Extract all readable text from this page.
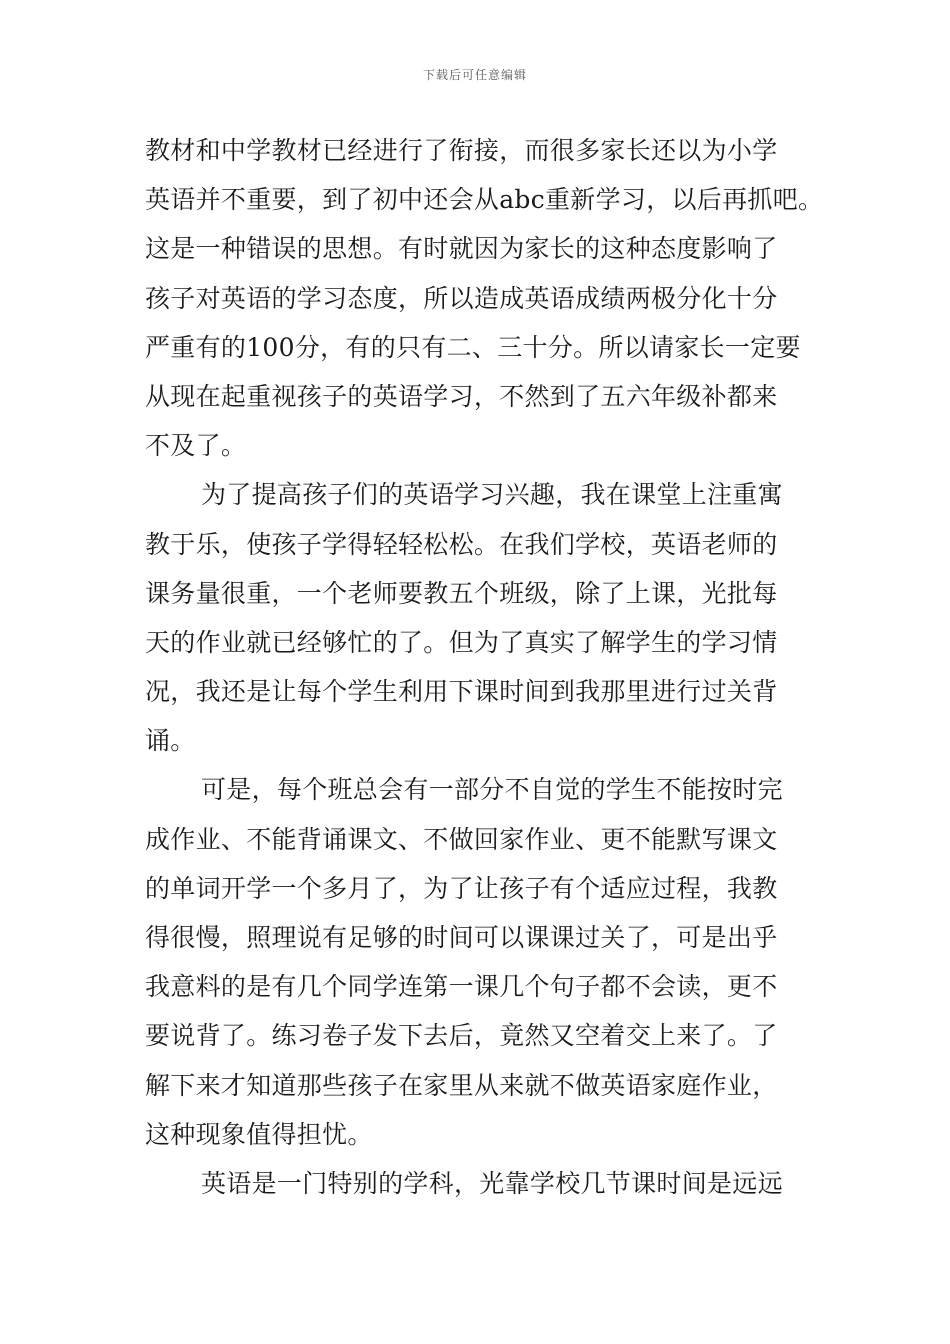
下载后可任意编辑
教材和中学教材已经进行了衔接，而很多家长还以为小学
英语并不重要，到了初中还会从abc重新学习，以后再抓吧。
这是一种错误的思想。有时就因为家长的这种态度影响了
孩子对英语的学习态度，所以造成英语成绩两极分化十分
严重有的100分，有的只有二、三十分。所以请家长一定要
从现在起重视孩子的英语学习，不然到了五六年级补都来
不及了。
为了提高孩子们的英语学习兴趣，我在课堂上注重寓
教于乐，使孩子学得轻轻松松。在我们学校，英语老师的
课务量很重，一个老师要教五个班级，除了上课，光批每
天的作业就已经够忙的了。但为了真实了解学生的学习情
况，我还是让每个学生利用下课时间到我那里进行过关背
诵。
可是，每个班总会有一部分不自觉的学生不能按时完
成作业、不能背诵课文、不做回家作业、更不能默写课文
的单词开学一个多月了，为了让孩子有个适应过程，我教
得很慢，照理说有足够的时间可以课课过关了，可是出乎
我意料的是有几个同学连第一课几个句子都不会读，更不
要说背了。练习卷子发下去后，竟然又空着交上来了。了
解下来才知道那些孩子在家里从来就不做英语家庭作业，
这种现象值得担忧。
英语是一门特别的学科，光靠学校几节课时间是远远
